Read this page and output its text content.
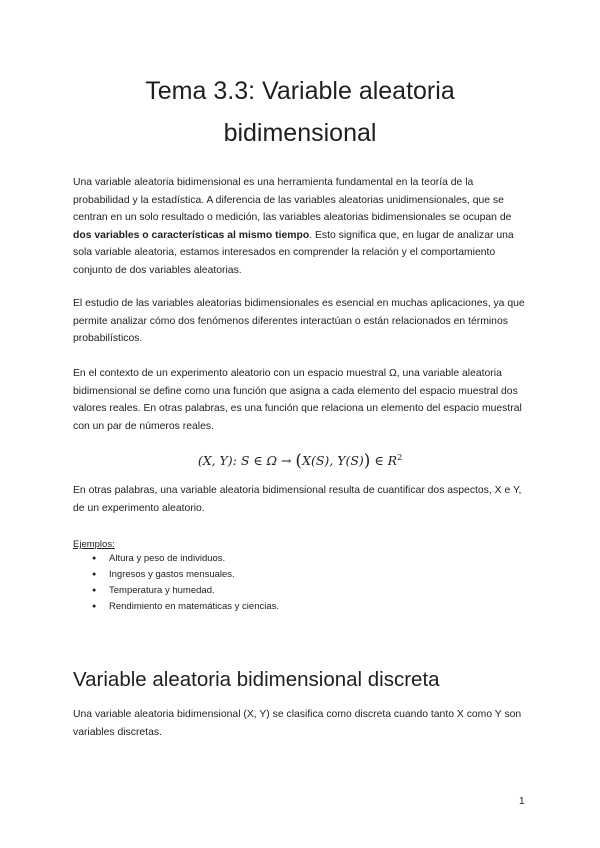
Tema 3.3: Variable aleatoria
bidimensional

Una variable aleatoria bidimensional es una herramienta fundamental en la teoría de la probabilidad y la estadística. A diferencia de las variables aleatorias unidimensionales, que se centran en un solo resultado o medición, las variables aleatorias bidimensionales se ocupan de dos variables o características al mismo tiempo. Esto significa que, en lugar de analizar una sola variable aleatoria, estamos interesados en comprender la relación y el comportamiento conjunto de dos variables aleatorias.

El estudio de las variables aleatorias bidimensionales es esencial en muchas aplicaciones, ya que permite analizar cómo dos fenómenos diferentes interactúan o están relacionados en términos probabilísticos.

En el contexto de un experimento aleatorio con un espacio muestral Ω, una variable aleatoria bidimensional se define como una función que asigna a cada elemento del espacio muestral dos valores reales. En otras palabras, es una función que relaciona un elemento del espacio muestral con un par de números reales.

(X, Y): S ∈ Ω → (X(S), Y(S)) ∈ $R^2$

En otras palabras, una variable aleatoria bidimensional resulta de cuantificar dos aspectos, X e Y, de un experimento aleatorio.

Ejemplos:

● Altura y peso de individuos.
● Ingresos y gastos mensuales.
● Temperatura y humedad.
● Rendimiento en matemáticas y ciencias.
Variable aleatoria bidimensional discreta

Una variable aleatoria bidimensional (X, Y) se clasifica como discreta cuando tanto X como Y son variables discretas.

1
